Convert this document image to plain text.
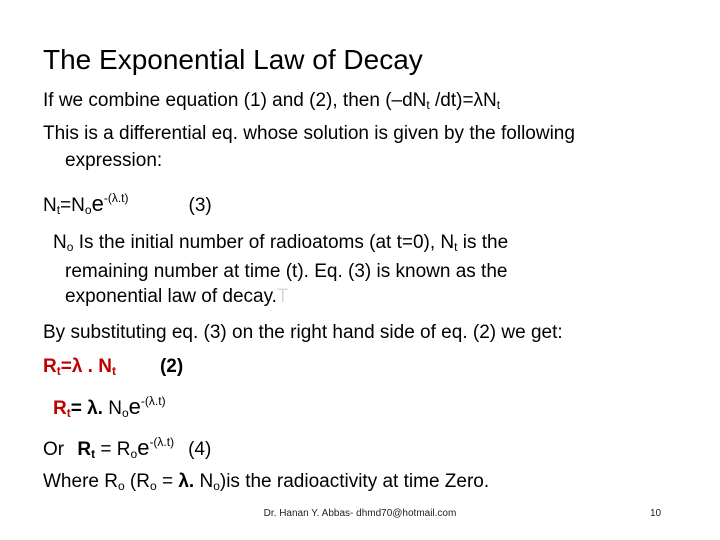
The Exponential Law of Decay
If we combine equation (1) and (2), then ($-dN_t$ $/dt)=\lambda N_t$
This is a differential eq. whose solution is given by the following
expression:
$N_t=N_oe^{-(\lambda.t)}$	(3)
$N_o$ Is the initial number of radioatoms (at t=0), $N_t$ is the
remaining number at time (t). Eq. (3) is known as the
exponential law of decay.T
By substituting eq. (3) on the right hand side of eq. (2) we get:
$R_t=\lambda$ . $N_t$ (2)
$R_t= \lambda$. $N_oe^{-(\lambda.t)}$
Or $R_t = R_oe^{-(\lambda.t)}$ (4)
Where $R_o$ ($R_o = \lambda$. $N_o)is$ the radioactivity at time Zero.
Dr. Hanan Y. Abbas- dhmd70@hotmail.com	10
